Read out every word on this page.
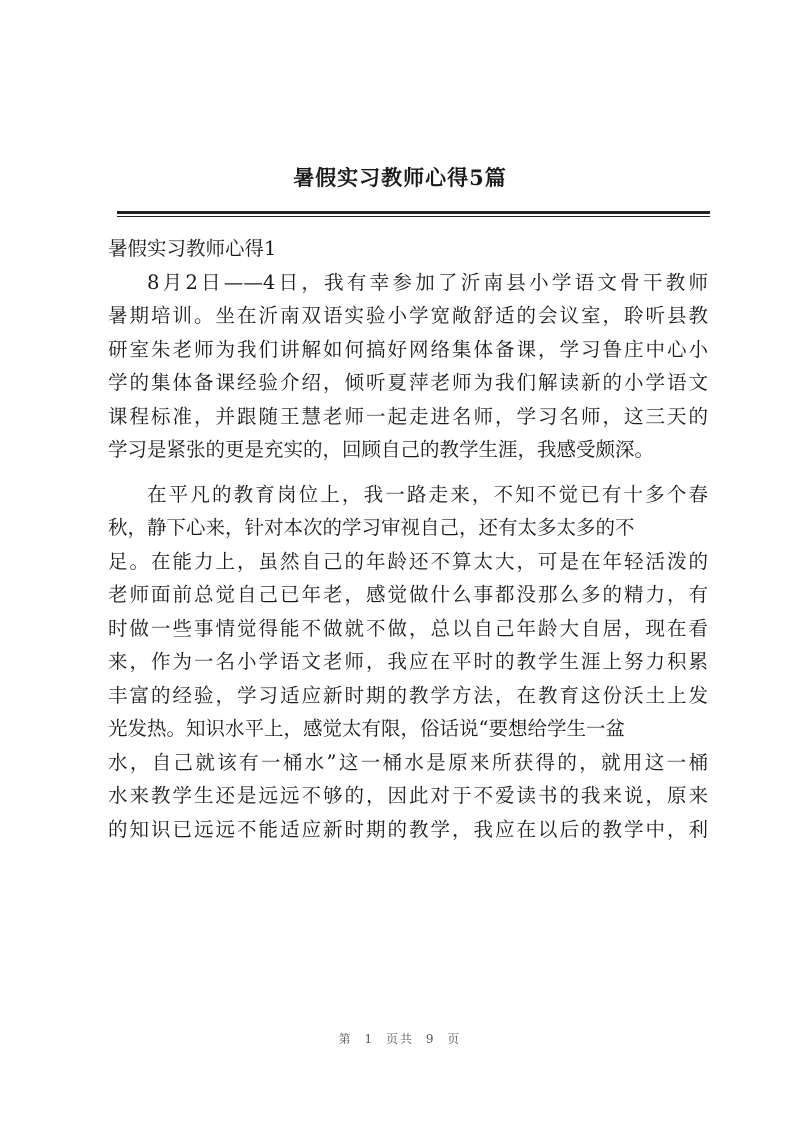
暑假实习教师心得5篇
暑假实习教师心得1
8月2日——4日，我有幸参加了沂南县小学语文骨干教师
暑期培训。坐在沂南双语实验小学宽敞舒适的会议室，聆听县教
研室朱老师为我们讲解如何搞好网络集体备课，学习鲁庄中心小
学的集体备课经验介绍，倾听夏萍老师为我们解读新的小学语文
课程标准，并跟随王慧老师一起走进名师，学习名师，这三天的
学习是紧张的更是充实的，回顾自己的教学生涯，我感受颇深。
在平凡的教育岗位上，我一路走来，不知不觉已有十多个春
秋，静下心来，针对本次的学习审视自己，还有太多太多的不
足。在能力上，虽然自己的年龄还不算太大，可是在年轻活泼的
老师面前总觉自己已年老，感觉做什么事都没那么多的精力，有
时做一些事情觉得能不做就不做，总以自己年龄大自居，现在看
来，作为一名小学语文老师，我应在平时的教学生涯上努力积累
丰富的经验，学习适应新时期的教学方法，在教育这份沃土上发
光发热。知识水平上，感觉太有限，俗话说“要想给学生一盆
水，自己就该有一桶水”这一桶水是原来所获得的，就用这一桶
水来教学生还是远远不够的，因此对于不爱读书的我来说，原来
的知识已远远不能适应新时期的教学，我应在以后的教学中，利
第 1 页共 9 页
